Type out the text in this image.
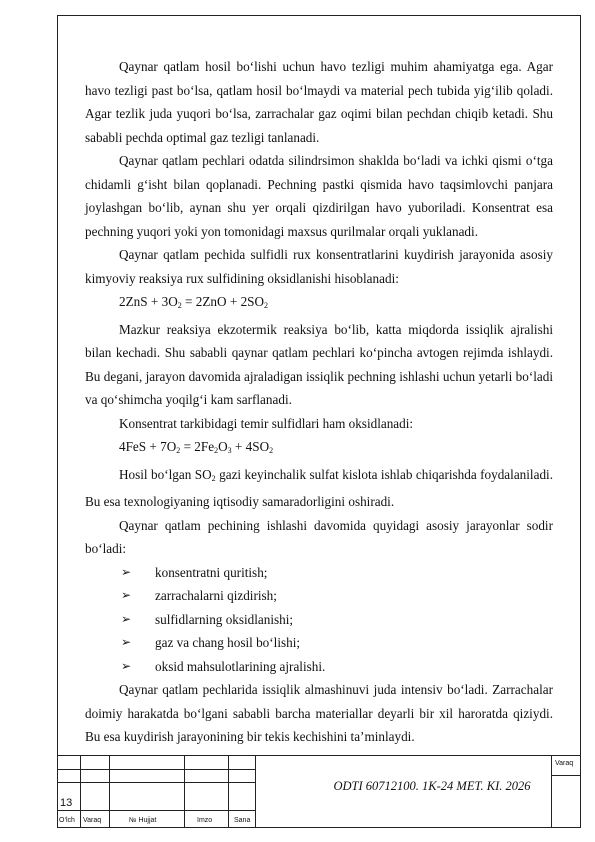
Qaynar qatlam hosil bo‘lishi uchun havo tezligi muhim ahamiyatga ega. Agar havo tezligi past bo‘lsa, qatlam hosil bo‘lmaydi va material pech tubida yig‘ilib qoladi. Agar tezlik juda yuqori bo‘lsa, zarrachalar gaz oqimi bilan pechdan chiqib ketadi. Shu sababli pechda optimal gaz tezligi tanlanadi.

Qaynar qatlam pechlari odatda silindrsimon shaklda bo‘ladi va ichki qismi o‘tga chidamli g‘isht bilan qoplanadi. Pechning pastki qismida havo taqsimlovchi panjara joylashgan bo‘lib, aynan shu yer orqali qizdirilgan havo yuboriladi. Konsentrat esa pechning yuqori yoki yon tomonidagi maxsus qurilmalar orqali yuklanadi.

Qaynar qatlam pechida sulfidli rux konsentratlarini kuydirish jarayonida asosiy kimyoviy reaksiya rux sulfidining oksidlanishi hisoblanadi:

$2ZnS + 3O_2 = 2ZnO + 2SO_2$

Mazkur reaksiya ekzotermik reaksiya bo‘lib, katta miqdorda issiqlik ajralishi bilan kechadi. Shu sababli qaynar qatlam pechlari ko‘pincha avtogen rejimda ishlaydi. Bu degani, jarayon davomida ajraladigan issiqlik pechning ishlashi uchun yetarli bo‘ladi va qo‘shimcha yoqilg‘i kam sarflanadi.

Konsentrat tarkibidagi temir sulfidlari ham oksidlanadi:

$4FeS + 7O_2 = 2Fe_2O_3 + 4SO_2$

Hosil bo‘lgan $SO_2$ gazi keyinchalik sulfat kislota ishlab chiqarishda foydalaniladi. Bu esa texnologiyaning iqtisodiy samaradorligini oshiradi.

Qaynar qatlam pechining ishlashi davomida quyidagi asosiy jarayonlar sodir bo‘ladi:

➢ konsentratni quritish;
➢ zarrachalarni qizdirish;
➢ sulfidlarning oksidlanishi;
➢ gaz va chang hosil bo‘lishi;
➢ oksid mahsulotlarining ajralishi.

Qaynar qatlam pechlarida issiqlik almashinuvi juda intensiv bo‘ladi. Zarrachalar doimiy harakatda bo‘lgani sababli barcha materiallar deyarli bir xil haroratda qiziydi. Bu esa kuydirish jarayonining bir tekis kechishini ta’minlaydi.

13
ODTI 60712100. 1K-24 MET. KI. 2026
O‘lch Varaq	№ Hujjat	Imzo	Sana
Varaq
